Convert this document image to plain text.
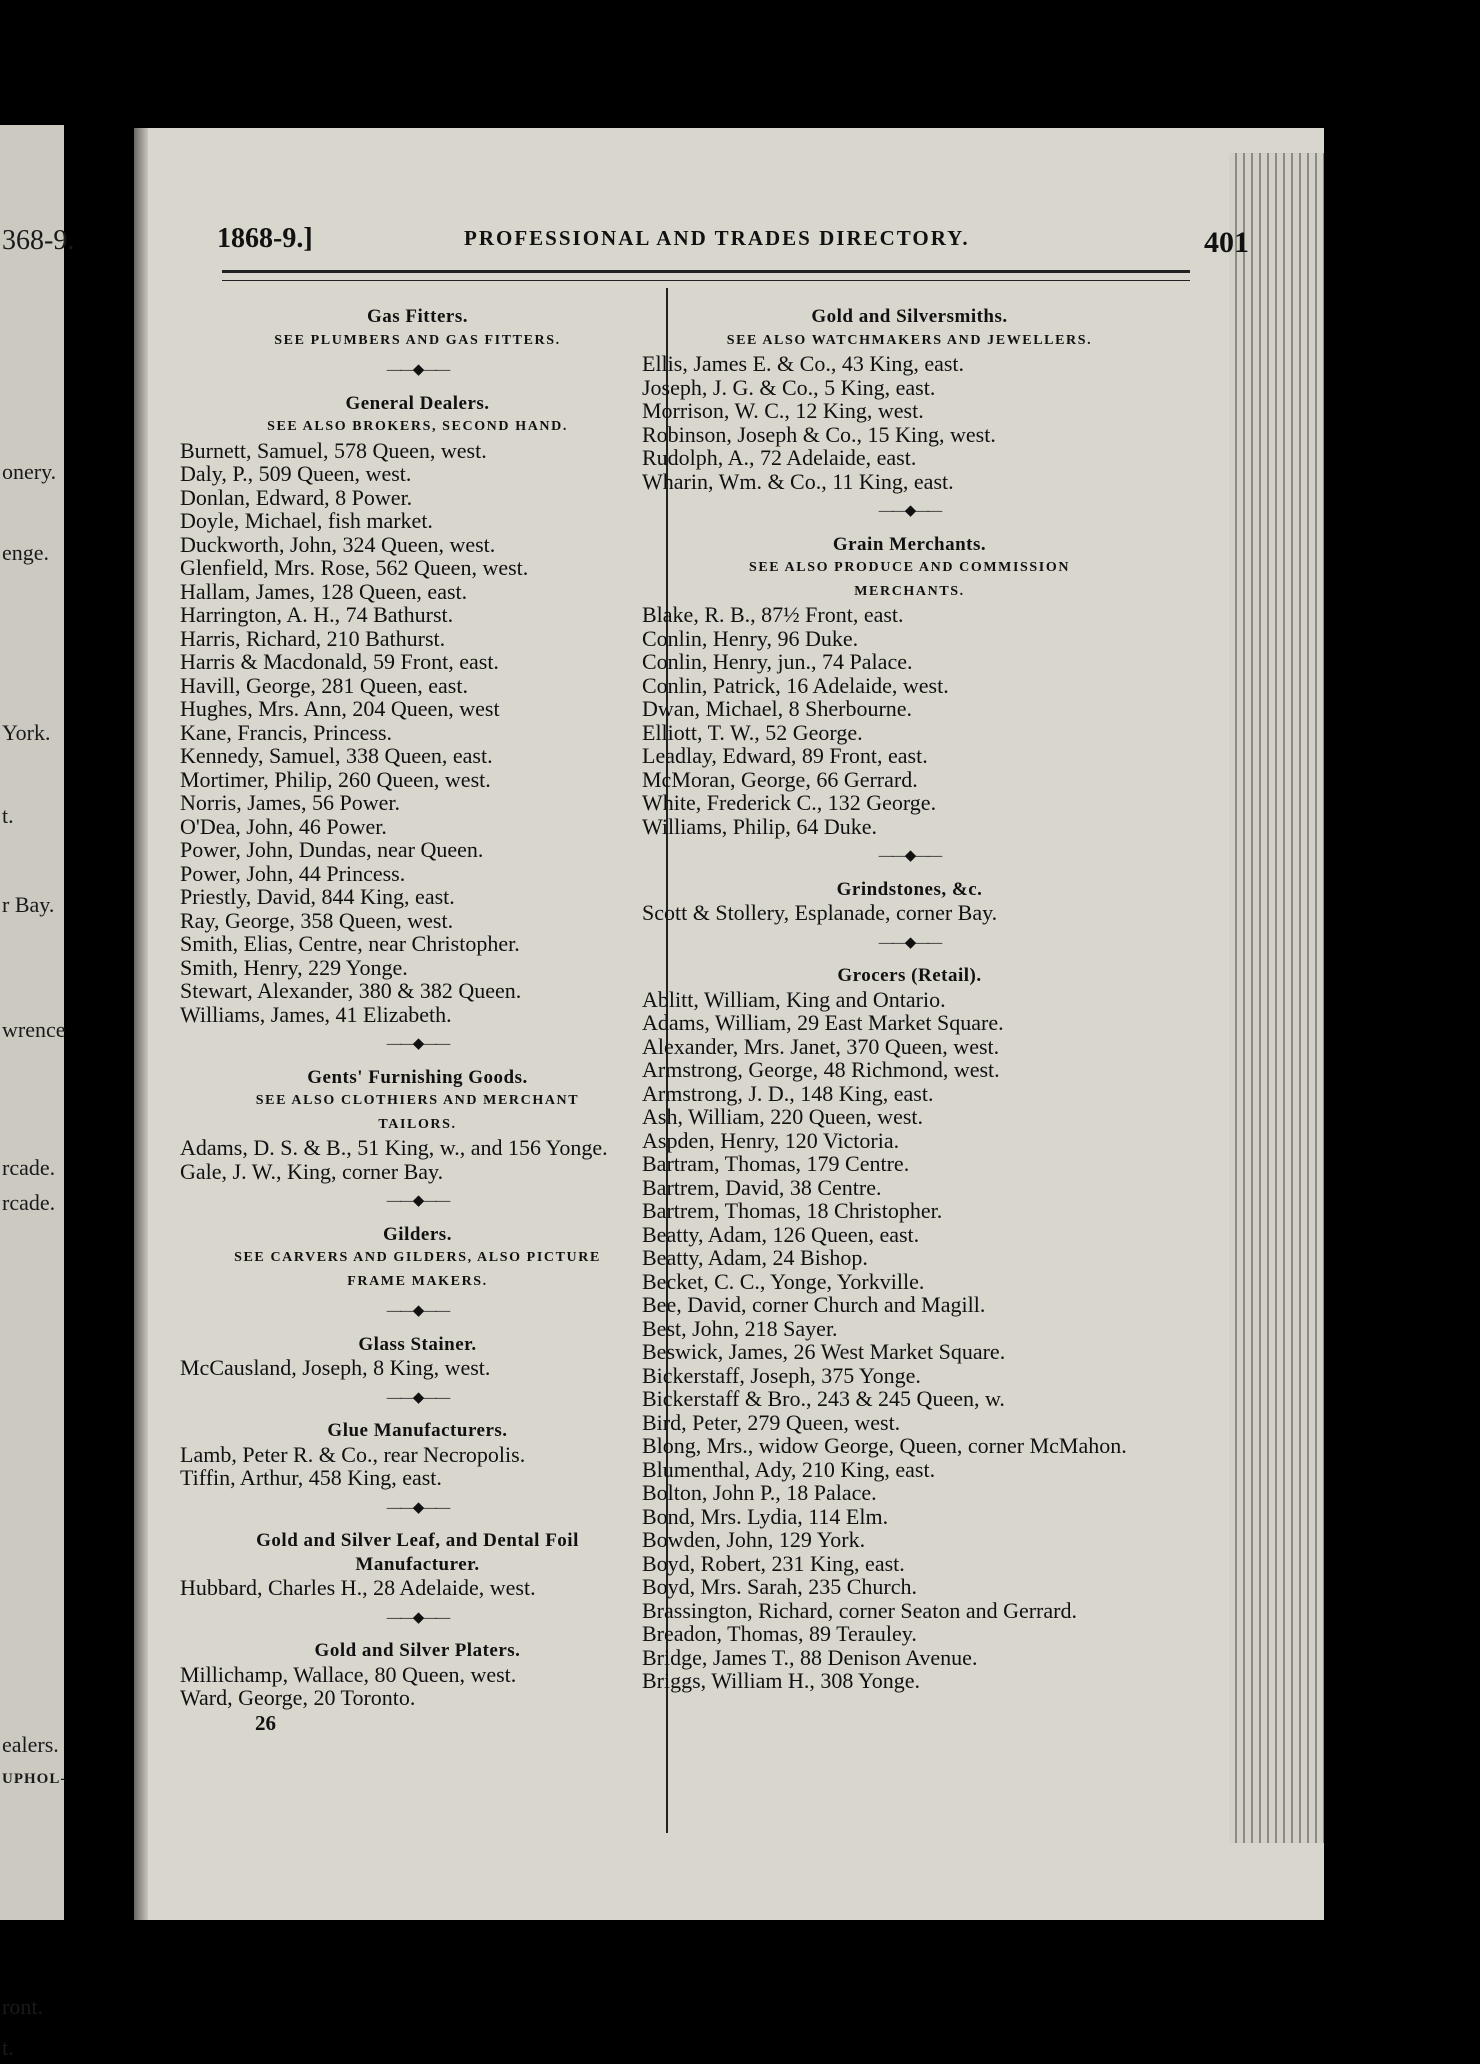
368-9.
onery.
enge.
York.
t.
r Bay.
wrence
rcade.
rcade.
ealers.
UPHOL-
ront.
t.
1868-9.]	PROFESSIONAL AND TRADES DIRECTORY.	401
Gas Fitters.
SEE PLUMBERS AND GAS FITTERS.
——◆——
General Dealers.
SEE ALSO BROKERS, SECOND HAND.
Burnett, Samuel, 578 Queen, west.
Daly, P., 509 Queen, west.
Donlan, Edward, 8 Power.
Doyle, Michael, fish market.
Duckworth, John, 324 Queen, west.
Glenfield, Mrs. Rose, 562 Queen, west.
Hallam, James, 128 Queen, east.
Harrington, A. H., 74 Bathurst.
Harris, Richard, 210 Bathurst.
Harris & Macdonald, 59 Front, east.
Havill, George, 281 Queen, east.
Hughes, Mrs. Ann, 204 Queen, west
Kane, Francis, Princess.
Kennedy, Samuel, 338 Queen, east.
Mortimer, Philip, 260 Queen, west.
Norris, James, 56 Power.
O'Dea, John, 46 Power.
Power, John, Dundas, near Queen.
Power, John, 44 Princess.
Priestly, David, 844 King, east.
Ray, George, 358 Queen, west.
Smith, Elias, Centre, near Christopher.
Smith, Henry, 229 Yonge.
Stewart, Alexander, 380 & 382 Queen.
Williams, James, 41 Elizabeth.
——◆——
Gents' Furnishing Goods.
SEE ALSO CLOTHIERS AND MERCHANT
TAILORS.
Adams, D. S. & B., 51 King, w., and 156 Yonge.
Gale, J. W., King, corner Bay.
——◆——
Gilders.
SEE CARVERS AND GILDERS, ALSO PICTURE
FRAME MAKERS.
——◆——
Glass Stainer.
McCausland, Joseph, 8 King, west.
——◆——
Glue Manufacturers.
Lamb, Peter R. & Co., rear Necropolis.
Tiffin, Arthur, 458 King, east.
——◆——
Gold and Silver Leaf, and Dental Foil
Manufacturer.
Hubbard, Charles H., 28 Adelaide, west.
——◆——
Gold and Silver Platers.
Millichamp, Wallace, 80 Queen, west.
Ward, George, 20 Toronto.
26
Gold and Silversmiths.
SEE ALSO WATCHMAKERS AND JEWELLERS.
Ellis, James E. & Co., 43 King, east.
Joseph, J. G. & Co., 5 King, east.
Morrison, W. C., 12 King, west.
Robinson, Joseph & Co., 15 King, west.
Rudolph, A., 72 Adelaide, east.
Wharin, Wm. & Co., 11 King, east.
——◆——
Grain Merchants.
SEE ALSO PRODUCE AND COMMISSION
MERCHANTS.
Blake, R. B., 87½ Front, east.
Conlin, Henry, 96 Duke.
Conlin, Henry, jun., 74 Palace.
Conlin, Patrick, 16 Adelaide, west.
Dwan, Michael, 8 Sherbourne.
Elliott, T. W., 52 George.
Leadlay, Edward, 89 Front, east.
McMoran, George, 66 Gerrard.
White, Frederick C., 132 George.
Williams, Philip, 64 Duke.
——◆——
Grindstones, &c.
Scott & Stollery, Esplanade, corner Bay.
——◆——
Grocers (Retail).
Ablitt, William, King and Ontario.
Adams, William, 29 East Market Square.
Alexander, Mrs. Janet, 370 Queen, west.
Armstrong, George, 48 Richmond, west.
Armstrong, J. D., 148 King, east.
Ash, William, 220 Queen, west.
Aspden, Henry, 120 Victoria.
Bartram, Thomas, 179 Centre.
Bartrem, David, 38 Centre.
Bartrem, Thomas, 18 Christopher.
Beatty, Adam, 126 Queen, east.
Beatty, Adam, 24 Bishop.
Becket, C. C., Yonge, Yorkville.
Bee, David, corner Church and Magill.
Best, John, 218 Sayer.
Beswick, James, 26 West Market Square.
Bickerstaff, Joseph, 375 Yonge.
Bickerstaff & Bro., 243 & 245 Queen, w.
Bird, Peter, 279 Queen, west.
Blong, Mrs., widow George, Queen, corner McMahon.
Blumenthal, Ady, 210 King, east.
Bolton, John P., 18 Palace.
Bond, Mrs. Lydia, 114 Elm.
Bowden, John, 129 York.
Boyd, Robert, 231 King, east.
Boyd, Mrs. Sarah, 235 Church.
Brassington, Richard, corner Seaton and Gerrard.
Breadon, Thomas, 89 Terauley.
Bridge, James T., 88 Denison Avenue.
Briggs, William H., 308 Yonge.
